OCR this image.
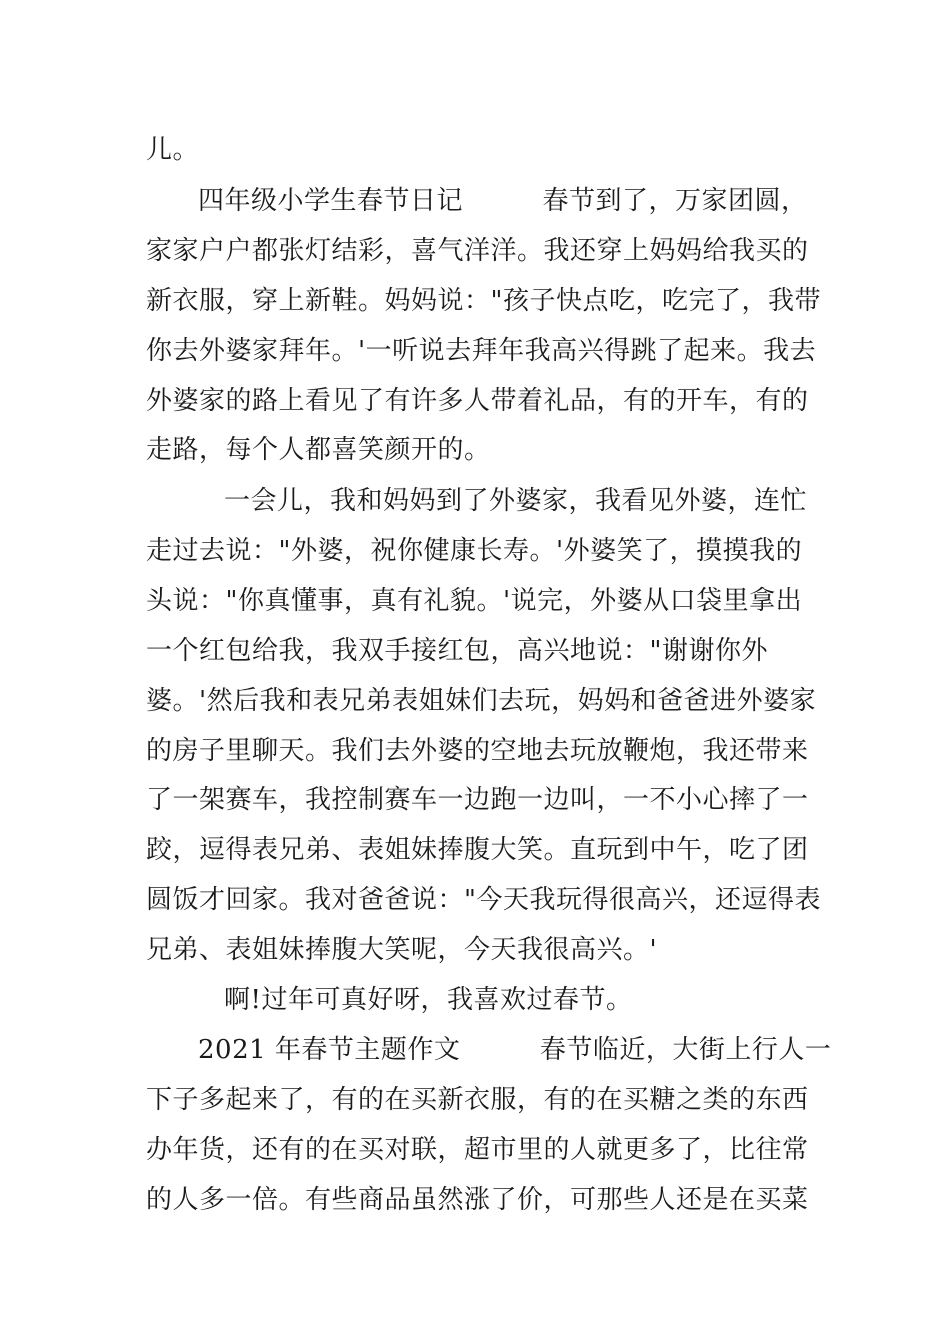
儿。
四年级小学生春节日记　　　春节到了，万家团圆，
家家户户都张灯结彩，喜气洋洋。我还穿上妈妈给我买的
新衣服，穿上新鞋。妈妈说："孩子快点吃，吃完了，我带
你去外婆家拜年。'一听说去拜年我高兴得跳了起来。我去
外婆家的路上看见了有许多人带着礼品，有的开车，有的
走路，每个人都喜笑颜开的。
一会儿，我和妈妈到了外婆家，我看见外婆，连忙
走过去说："外婆，祝你健康长寿。'外婆笑了，摸摸我的
头说："你真懂事，真有礼貌。'说完，外婆从口袋里拿出
一个红包给我，我双手接红包，高兴地说："谢谢你外
婆。'然后我和表兄弟表姐妹们去玩，妈妈和爸爸进外婆家
的房子里聊天。我们去外婆的空地去玩放鞭炮，我还带来
了一架赛车，我控制赛车一边跑一边叫，一不小心摔了一
跤，逗得表兄弟、表姐妹捧腹大笑。直玩到中午，吃了团
圆饭才回家。我对爸爸说："今天我玩得很高兴，还逗得表
兄弟、表姐妹捧腹大笑呢，今天我很高兴。'
啊!过年可真好呀，我喜欢过春节。
2021 年春节主题作文　　　春节临近，大街上行人一
下子多起来了，有的在买新衣服，有的在买糖之类的东西
办年货，还有的在买对联，超市里的人就更多了，比往常
的人多一倍。有些商品虽然涨了价，可那些人还是在买菜
